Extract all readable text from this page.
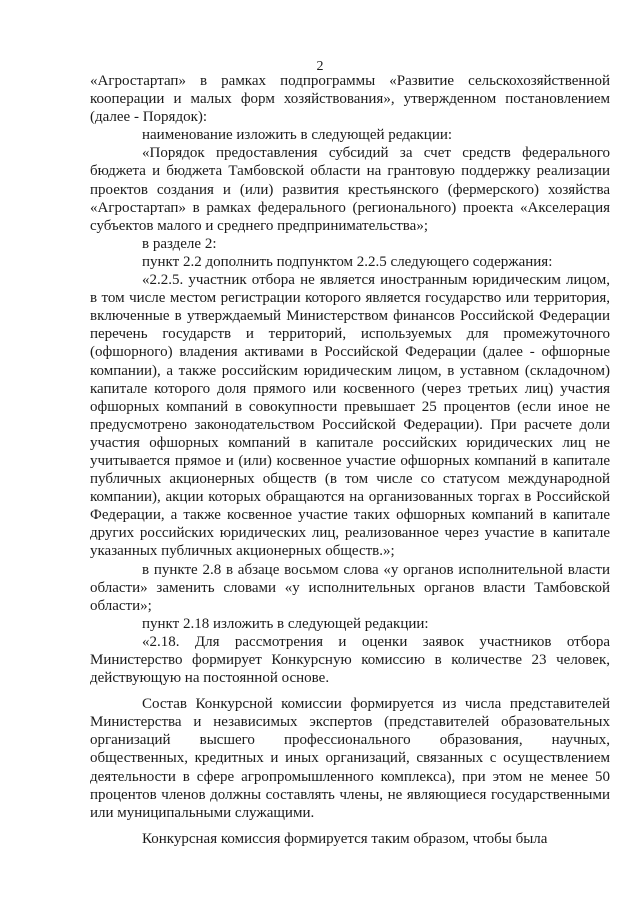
2

«Агростартап» в рамках подпрограммы «Развитие сельскохозяйственной кооперации и малых форм хозяйствования», утвержденном постановлением (далее - Порядок):

наименование изложить в следующей редакции:

«Порядок предоставления субсидий за счет средств федерального бюджета и бюджета Тамбовской области на грантовую поддержку реализации проектов создания и (или) развития крестьянского (фермерского) хозяйства «Агростартап» в рамках федерального (регионального) проекта «Акселерация субъектов малого и среднего предпринимательства»;

в разделе 2:

пункт 2.2 дополнить подпунктом 2.2.5 следующего содержания:

«2.2.5. участник отбора не является иностранным юридическим лицом, в том числе местом регистрации которого является государство или территория, включенные в утверждаемый Министерством финансов Российской Федерации перечень государств и территорий, используемых для промежуточного (офшорного) владения активами в Российской Федерации (далее - офшорные компании), а также российским юридическим лицом, в уставном (складочном) капитале которого доля прямого или косвенного (через третьих лиц) участия офшорных компаний в совокупности превышает 25 процентов (если иное не предусмотрено законодательством Российской Федерации). При расчете доли участия офшорных компаний в капитале российских юридических лиц не учитывается прямое и (или) косвенное участие офшорных компаний в капитале публичных акционерных обществ (в том числе со статусом международной компании), акции которых обращаются на организованных торгах в Российской Федерации, а также косвенное участие таких офшорных компаний в капитале других российских юридических лиц, реализованное через участие в капитале указанных публичных акционерных обществ.»;

в пункте 2.8 в абзаце восьмом слова «у органов исполнительной власти области» заменить словами «у исполнительных органов власти Тамбовской области»;

пункт 2.18 изложить в следующей редакции:

«2.18. Для рассмотрения и оценки заявок участников отбора Министерство формирует Конкурсную комиссию в количестве 23 человек, действующую на постоянной основе.

Состав Конкурсной комиссии формируется из числа представителей Министерства и независимых экспертов (представителей образовательных организаций высшего профессионального образования, научных, общественных, кредитных и иных организаций, связанных с осуществлением деятельности в сфере агропромышленного комплекса), при этом не менее 50 процентов членов должны составлять члены, не являющиеся государственными или муниципальными служащими.

Конкурсная комиссия формируется таким образом, чтобы была
